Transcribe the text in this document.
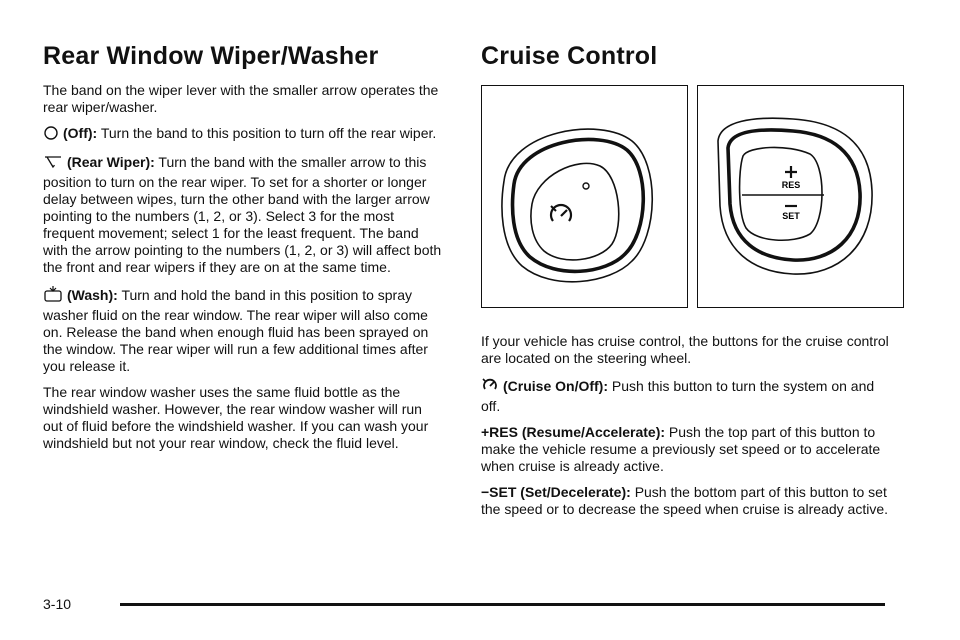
Rear Window Wiper/Washer

The band on the wiper lever with the smaller arrow operates the rear wiper/washer.

(Off): Turn the band to this position to turn off the rear wiper.

(Rear Wiper): Turn the band with the smaller arrow to this position to turn on the rear wiper. To set for a shorter or longer delay between wipes, turn the other band with the larger arrow pointing to the numbers (1, 2, or 3). Select 3 for the most frequent movement; select 1 for the least frequent. The band with the arrow pointing to the numbers (1, 2, or 3) will affect both the front and rear wipers if they are on at the same time.

(Wash): Turn and hold the band in this position to spray washer fluid on the rear window. The rear wiper will also come on. Release the band when enough fluid has been sprayed on the window. The rear wiper will run a few additional times after you release it.

The rear window washer uses the same fluid bottle as the windshield washer. However, the rear window washer will run out of fluid before the windshield washer. If you can wash your windshield but not your rear window, check the fluid level.

Cruise Control
RES
SET

If your vehicle has cruise control, the buttons for the cruise control are located on the steering wheel.

(Cruise On/Off): Push this button to turn the system on and off.

+RES (Resume/Accelerate): Push the top part of this button to make the vehicle resume a previously set speed or to accelerate when cruise is already active.

−SET (Set/Decelerate): Push the bottom part of this button to set the speed or to decrease the speed when cruise is already active.

3-10
